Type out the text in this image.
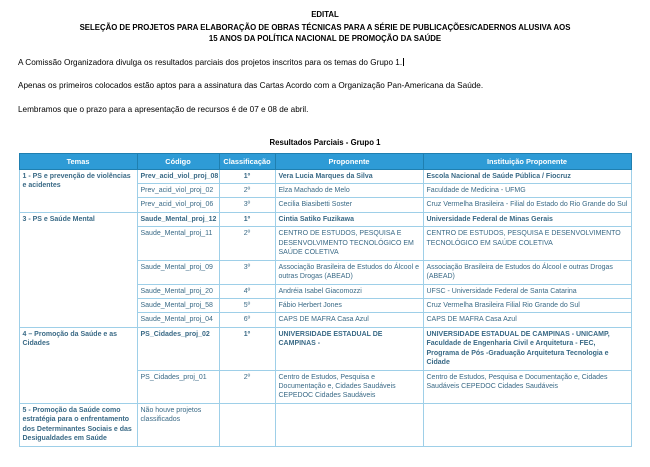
EDITAL
SELEÇÃO DE PROJETOS PARA ELABORAÇÃO DE OBRAS TÉCNICAS PARA A SÉRIE DE PUBLICAÇÕES/CADERNOS ALUSIVA AOS
15 ANOS DA POLÍTICA NACIONAL DE PROMOÇÃO DA SAÚDE
A Comissão Organizadora divulga os resultados parciais dos projetos inscritos para os temas do Grupo 1.
Apenas os primeiros colocados estão aptos para a assinatura das Cartas Acordo com a Organização Pan-Americana da Saúde.
Lembramos que o prazo para a apresentação de recursos é de 07 e 08 de abril.
Resultados Parciais - Grupo 1
Temas	Código	Classificação	Proponente	Instituição Proponente
1 - PS e prevenção de violências e acidentes	Prev_acid_viol_proj_08	1º	Vera Lucia Marques da Silva	Escola Nacional de Saúde Pública / Fiocruz
	Prev_acid_viol_proj_02	2º	Elza Machado de Melo	Faculdade de Medicina - UFMG
	Prev_acid_viol_proj_06	3º	Cecilia Biasibetti Soster	Cruz Vermelha Brasileira - Filial do Estado do Rio Grande do Sul
3 - PS e Saúde Mental	Saude_Mental_proj_12	1º	Cintia Satiko Fuzikawa	Universidade Federal de Minas Gerais
	Saude_Mental_proj_11	2º	CENTRO DE ESTUDOS, PESQUISA E DESENVOLVIMENTO TECNOLÓGICO EM SAÚDE COLETIVA	CENTRO DE ESTUDOS, PESQUISA E DESENVOLVIMENTO TECNOLÓGICO EM SAÚDE COLETIVA
	Saude_Mental_proj_09	3º	Associação Brasileira de Estudos do Álcool e outras Drogas (ABEAD)	Associação Brasileira de Estudos do Álcool e outras Drogas (ABEAD)
	Saude_Mental_proj_20	4º	Andréia Isabel Giacomozzi	UFSC - Universidade Federal de Santa Catarina
	Saude_Mental_proj_58	5º	Fábio Herbert Jones	Cruz Vermelha Brasileira Filial Rio Grande do Sul
	Saude_Mental_proj_04	6º	CAPS DE MAFRA Casa Azul	CAPS DE MAFRA Casa Azul
4 – Promoção da Saúde e as Cidades	PS_Cidades_proj_02	1º	UNIVERSIDADE ESTADUAL DE CAMPINAS -	UNIVERSIDADE ESTADUAL DE CAMPINAS - UNICAMP, Faculdade de Engenharia Civil e Arquitetura - FEC, Programa de Pós -Graduação Arquitetura Tecnologia e Cidade
	PS_Cidades_proj_01	2º	Centro de Estudos, Pesquisa e Documentação e, Cidades Saudáveis CEPEDOC Cidades Saudáveis	Centro de Estudos, Pesquisa e Documentação e, Cidades Saudáveis CEPEDOC Cidades Saudáveis
5 - Promoção da Saúde como estratégia para o enfrentamento dos Determinantes Sociais e das Desigualdades em Saúde	Não houve projetos classificados			
